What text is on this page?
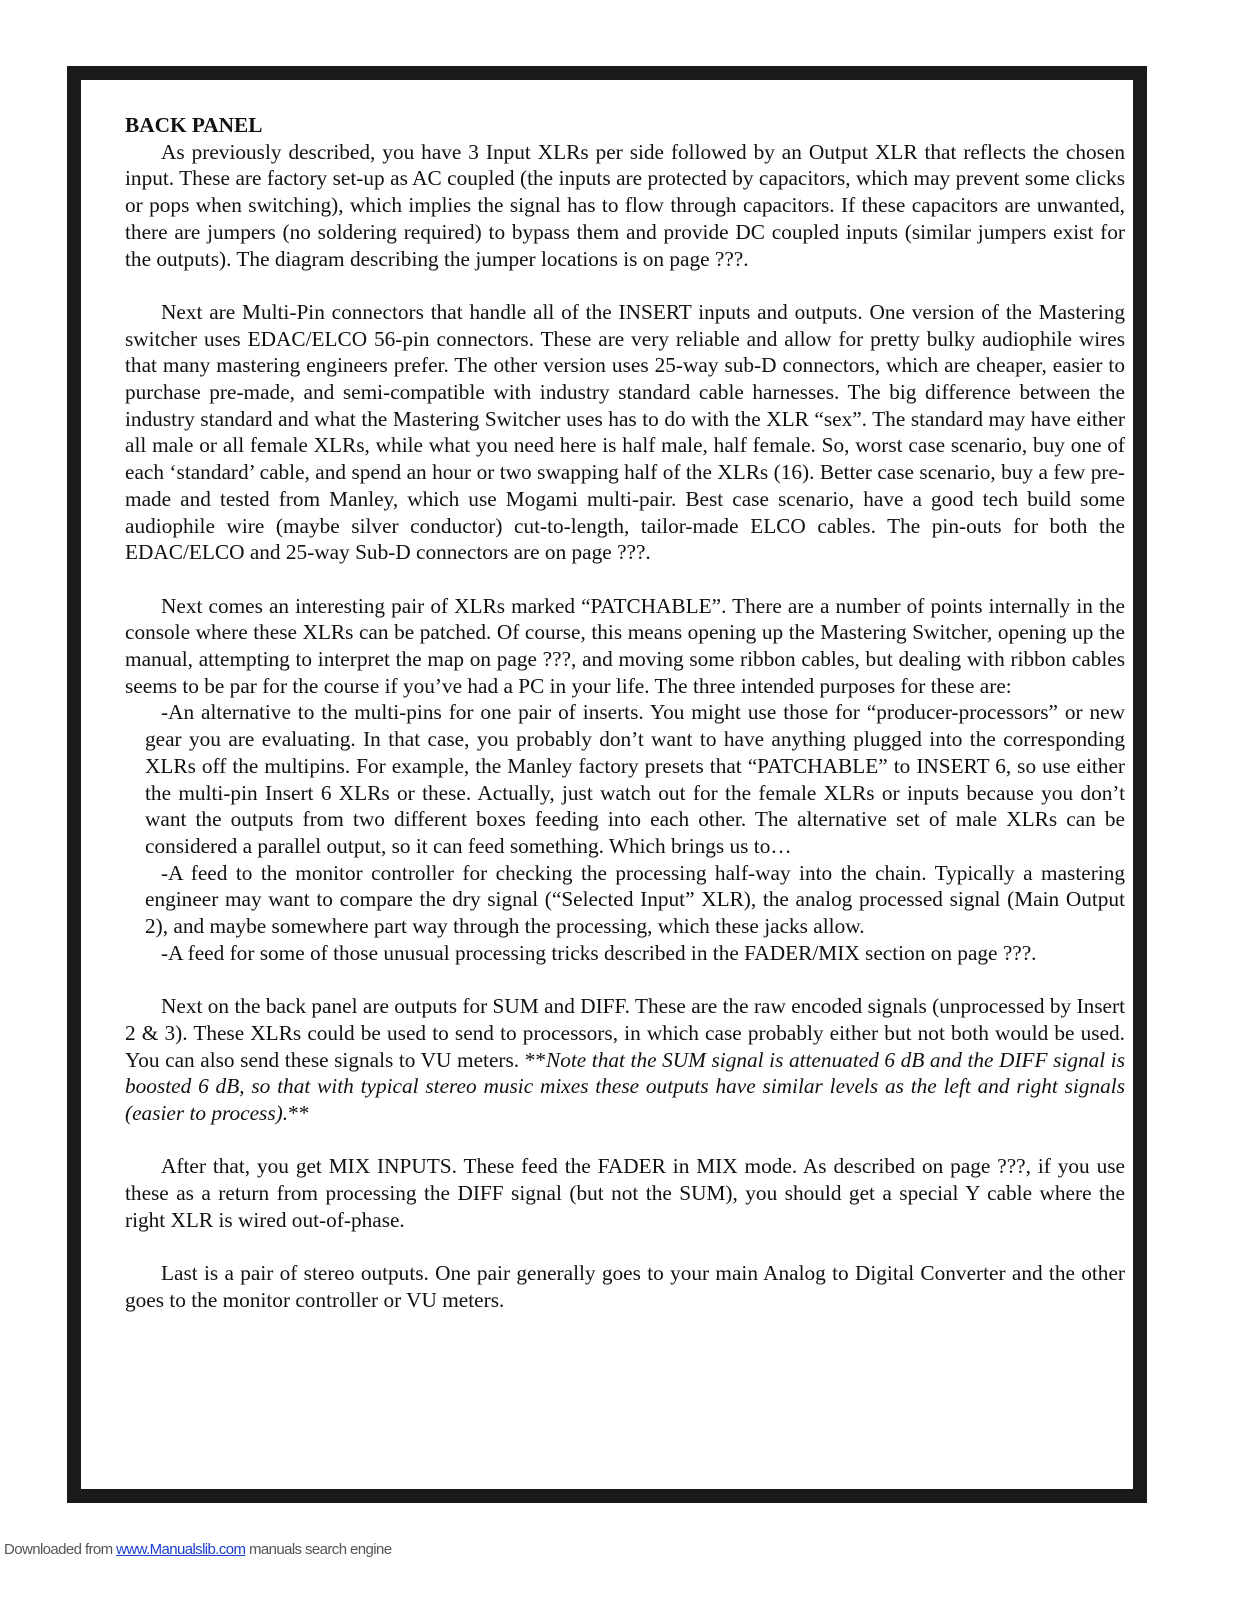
BACK PANEL

As previously described, you have 3 Input XLRs per side followed by an Output XLR that reflects the chosen input. These are factory set-up as AC coupled (the inputs are protected by capacitors, which may prevent some clicks or pops when switching), which implies the signal has to flow through capacitors. If these capacitors are unwanted, there are jumpers (no soldering required) to bypass them and provide DC coupled inputs (similar jumpers exist for the outputs). The diagram describing the jumper locations is on page ???.

Next are Multi-Pin connectors that handle all of the INSERT inputs and outputs. One version of the Mastering switcher uses EDAC/ELCO 56-pin connectors. These are very reliable and allow for pretty bulky audiophile wires that many mastering engineers prefer. The other version uses 25-way sub-D connectors, which are cheaper, easier to purchase pre-made, and semi-compatible with industry standard cable harnesses. The big difference between the industry standard and what the Mastering Switcher uses has to do with the XLR “sex”. The standard may have either all male or all female XLRs, while what you need here is half male, half female. So, worst case scenario, buy one of each ‘standard’ cable, and spend an hour or two swapping half of the XLRs (16). Better case scenario, buy a few pre-made and tested from Manley, which use Mogami multi-pair. Best case scenario, have a good tech build some audiophile wire (maybe silver conductor) cut-to-length, tailor-made ELCO cables. The pin-outs for both the EDAC/ELCO and 25-way Sub-D connectors are on page ???.

Next comes an interesting pair of XLRs marked “PATCHABLE”. There are a number of points internally in the console where these XLRs can be patched. Of course, this means opening up the Mastering Switcher, opening up the manual, attempting to interpret the map on page ???, and moving some ribbon cables, but dealing with ribbon cables seems to be par for the course if you’ve had a PC in your life. The three intended purposes for these are:

-An alternative to the multi-pins for one pair of inserts. You might use those for “producer-processors” or new gear you are evaluating. In that case, you probably don’t want to have anything plugged into the corresponding XLRs off the multipins. For example, the Manley factory presets that “PATCHABLE” to INSERT 6, so use either the multi-pin Insert 6 XLRs or these. Actually, just watch out for the female XLRs or inputs because you don’t want the outputs from two different boxes feeding into each other. The alternative set of male XLRs can be considered a parallel output, so it can feed something. Which brings us to…

-A feed to the monitor controller for checking the processing half-way into the chain. Typically a mastering engineer may want to compare the dry signal (“Selected Input” XLR), the analog processed signal (Main Output 2), and maybe somewhere part way through the processing, which these jacks allow.

-A feed for some of those unusual processing tricks described in the FADER/MIX section on page ???.

Next on the back panel are outputs for SUM and DIFF. These are the raw encoded signals (unprocessed by Insert 2 & 3). These XLRs could be used to send to processors, in which case probably either but not both would be used. You can also send these signals to VU meters. **Note that the SUM signal is attenuated 6 dB and the DIFF signal is boosted 6 dB, so that with typical stereo music mixes these outputs have similar levels as the left and right signals (easier to process).**

After that, you get MIX INPUTS. These feed the FADER in MIX mode. As described on page ???, if you use these as a return from processing the DIFF signal (but not the SUM), you should get a special Y cable where the right XLR is wired out-of-phase.

Last is a pair of stereo outputs. One pair generally goes to your main Analog to Digital Converter and the other goes to the monitor controller or VU meters.

Downloaded from www.Manualslib.com manuals search engine
